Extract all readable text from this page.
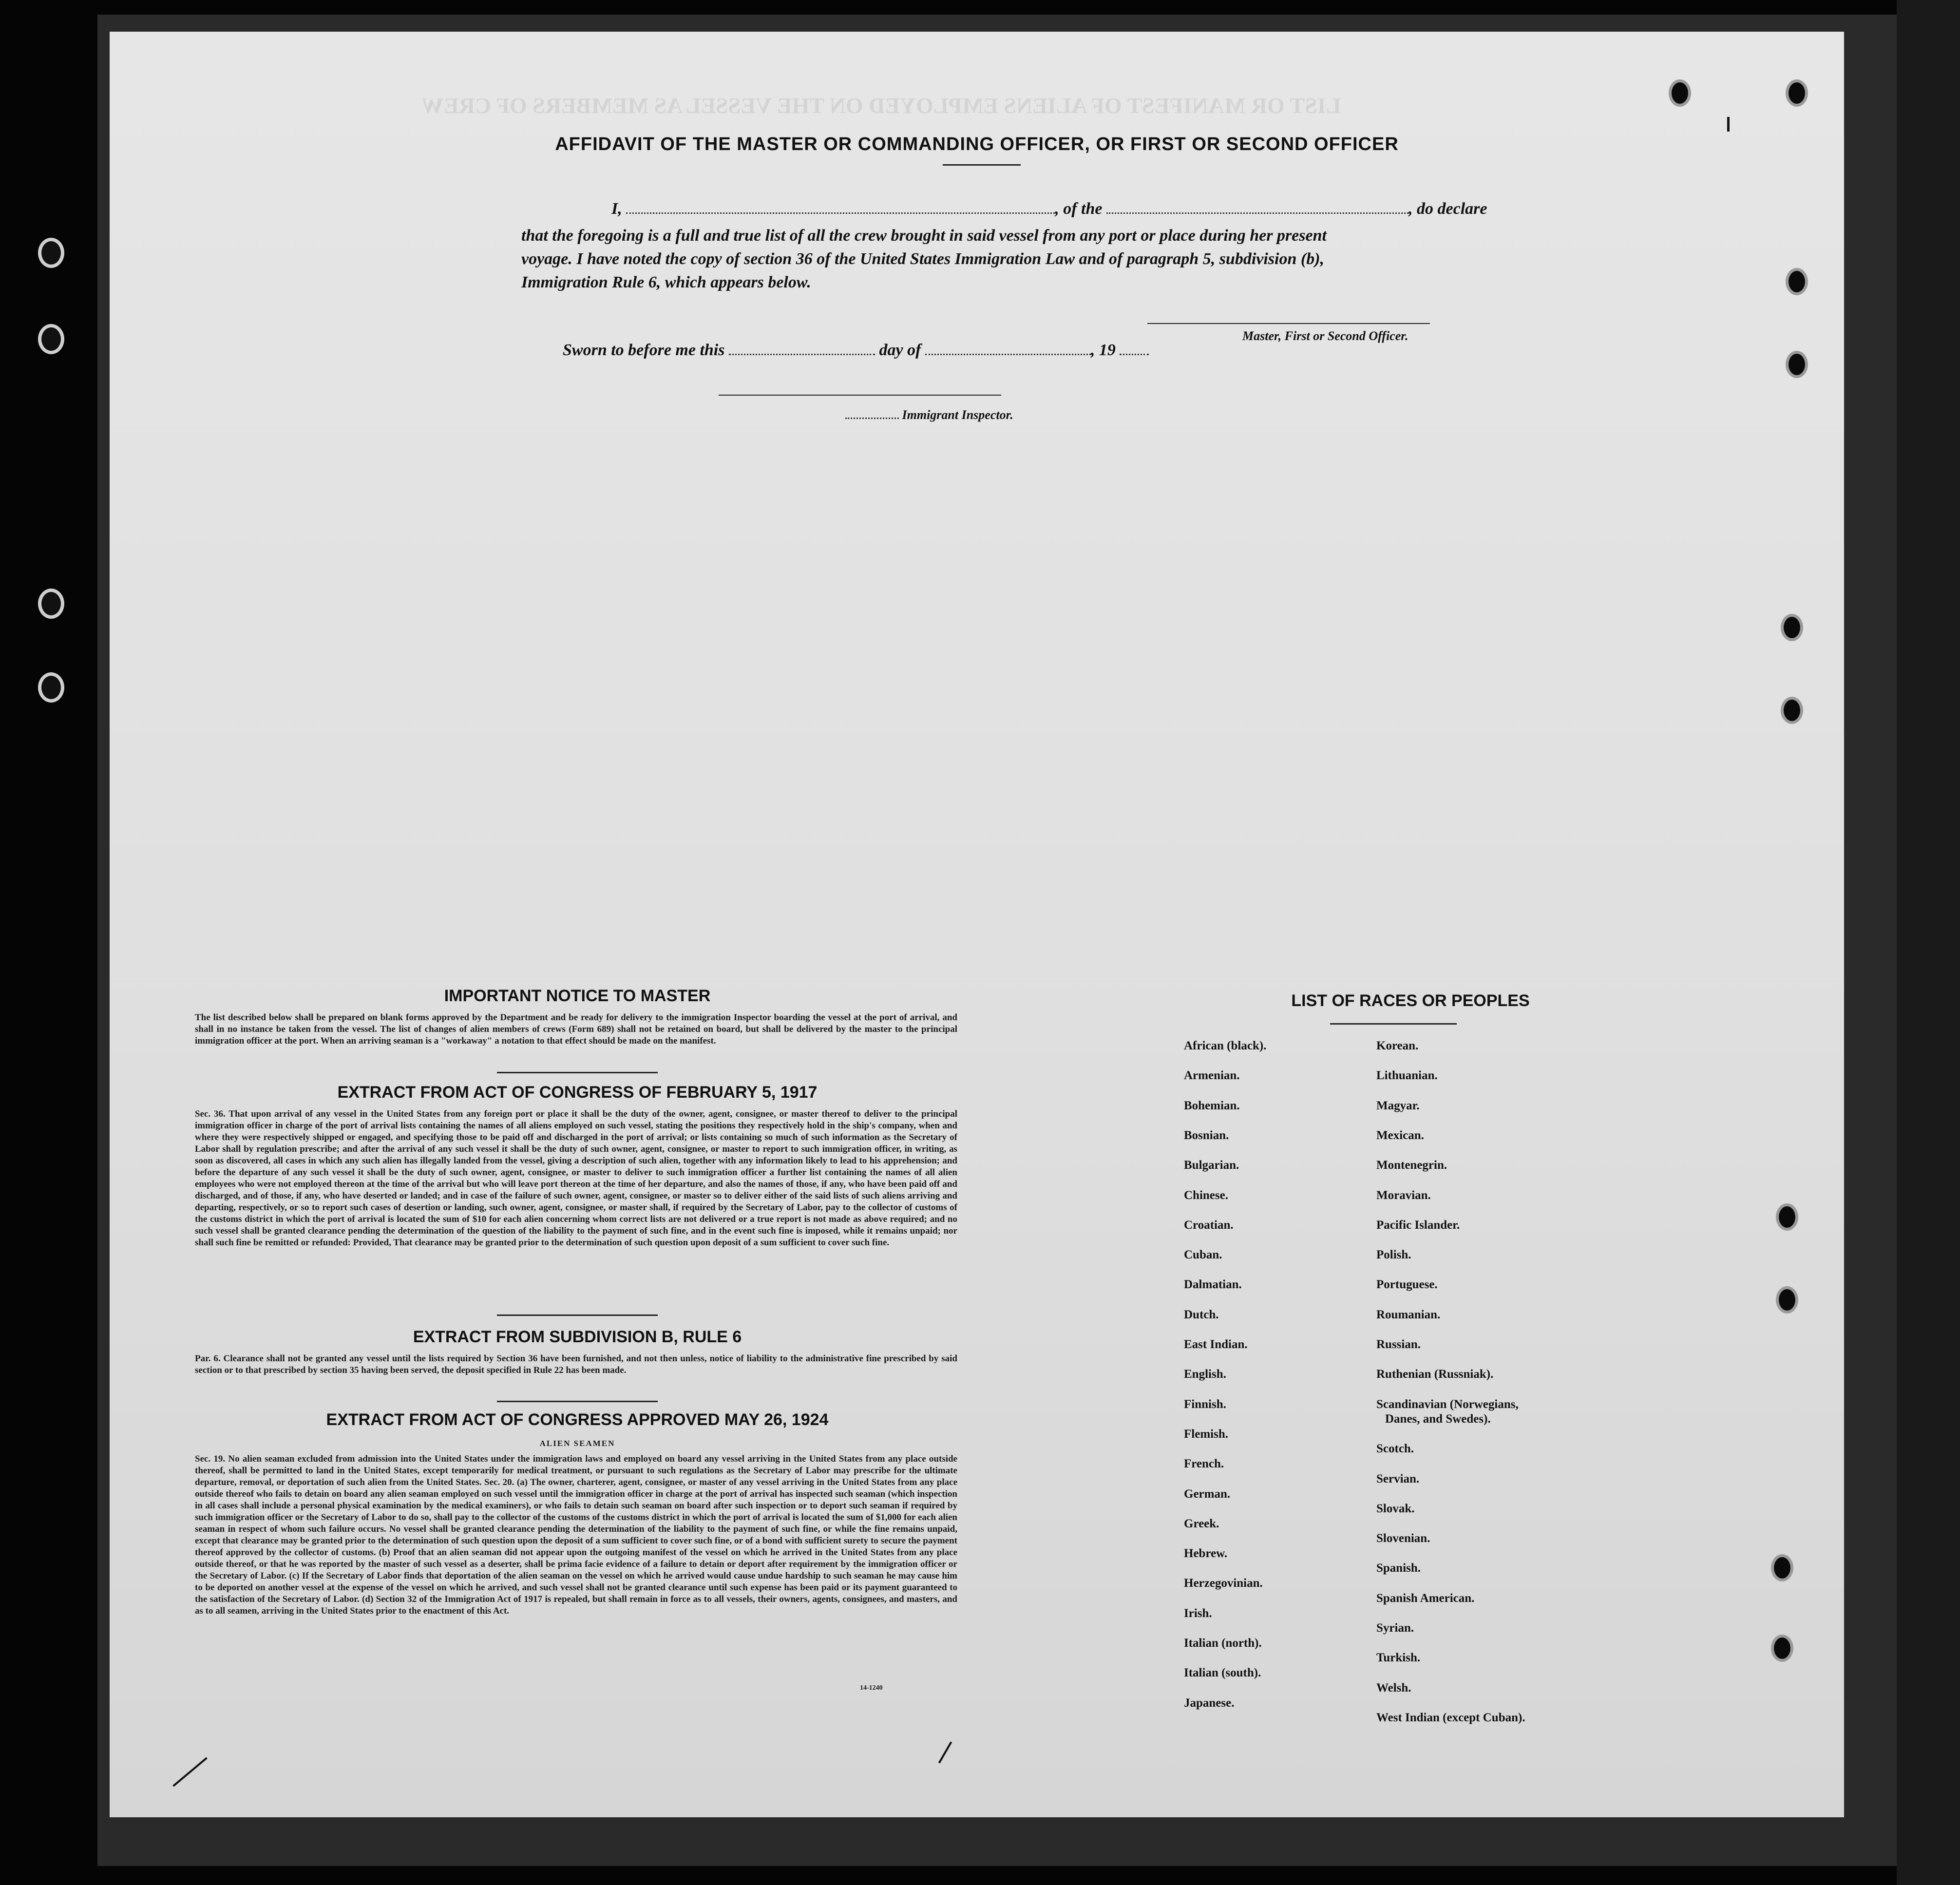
LIST OR MANIFEST OF ALIENS EMPLOYED ON THE VESSEL AS MEMBERS OF CREW
AFFIDAVIT OF THE MASTER OR COMMANDING OFFICER, OR FIRST OR SECOND OFFICER
I,	, of the	, do declare
that the foregoing is a full and true list of all the crew brought in said vessel from any port or place during her present
voyage. I have noted the copy of section 36 of the United States Immigration Law and of paragraph 5, subdivision (b),
Immigration Rule 6, which appears below.
Master, First or Second Officer.
Sworn to before me this	day of	, 19
Immigrant Inspector.
IMPORTANT NOTICE TO MASTER
The list described below shall be prepared on blank forms approved by the Department and be ready for delivery to the immigration Inspector boarding the vessel at the port of arrival, and shall in no instance be taken from the vessel. The list of changes of alien members of crews (Form 689) shall not be retained on board, but shall be delivered by the master to the principal immigration officer at the port. When an arriving seaman is a "workaway" a notation to that effect should be made on the manifest.
EXTRACT FROM ACT OF CONGRESS OF FEBRUARY 5, 1917
Sec. 36. That upon arrival of any vessel in the United States from any foreign port or place it shall be the duty of the owner, agent, consignee, or master thereof to deliver to the principal immigration officer in charge of the port of arrival lists containing the names of all aliens employed on such vessel, stating the positions they respectively hold in the ship's company, when and where they were respectively shipped or engaged, and specifying those to be paid off and discharged in the port of arrival; or lists containing so much of such information as the Secretary of Labor shall by regulation prescribe; and after the arrival of any such vessel it shall be the duty of such owner, agent, consignee, or master to report to such immigration officer, in writing, as soon as discovered, all cases in which any such alien has illegally landed from the vessel, giving a description of such alien, together with any information likely to lead to his apprehension; and before the departure of any such vessel it shall be the duty of such owner, agent, consignee, or master to deliver to such immigration officer a further list containing the names of all alien employees who were not employed thereon at the time of the arrival but who will leave port thereon at the time of her departure, and also the names of those, if any, who have been paid off and discharged, and of those, if any, who have deserted or landed; and in case of the failure of such owner, agent, consignee, or master so to deliver either of the said lists of such aliens arriving and departing, respectively, or so to report such cases of desertion or landing, such owner, agent, consignee, or master shall, if required by the Secretary of Labor, pay to the collector of customs of the customs district in which the port of arrival is located the sum of $10 for each alien concerning whom correct lists are not delivered or a true report is not made as above required; and no such vessel shall be granted clearance pending the determination of the question of the liability to the payment of such fine, and in the event such fine is imposed, while it remains unpaid; nor shall such fine be remitted or refunded: Provided, That clearance may be granted prior to the determination of such question upon deposit of a sum sufficient to cover such fine.
EXTRACT FROM SUBDIVISION B, RULE 6
Par. 6. Clearance shall not be granted any vessel until the lists required by Section 36 have been furnished, and not then unless, notice of liability to the administrative fine prescribed by said section or to that prescribed by section 35 having been served, the deposit specified in Rule 22 has been made.
EXTRACT FROM ACT OF CONGRESS APPROVED MAY 26, 1924
ALIEN SEAMEN
Sec. 19. No alien seaman excluded from admission into the United States under the immigration laws and employed on board any vessel arriving in the United States from any place outside thereof, shall be permitted to land in the United States, except temporarily for medical treatment, or pursuant to such regulations as the Secretary of Labor may prescribe for the ultimate departure, removal, or deportation of such alien from the United States. Sec. 20. (a) The owner, charterer, agent, consignee, or master of any vessel arriving in the United States from any place outside thereof who fails to detain on board any alien seaman employed on such vessel until the immigration officer in charge at the port of arrival has inspected such seaman (which inspection in all cases shall include a personal physical examination by the medical examiners), or who fails to detain such seaman on board after such inspection or to deport such seaman if required by such immigration officer or the Secretary of Labor to do so, shall pay to the collector of the customs of the customs district in which the port of arrival is located the sum of $1,000 for each alien seaman in respect of whom such failure occurs. No vessel shall be granted clearance pending the determination of the liability to the payment of such fine, or while the fine remains unpaid, except that clearance may be granted prior to the determination of such question upon the deposit of a sum sufficient to cover such fine, or of a bond with sufficient surety to secure the payment thereof approved by the collector of customs. (b) Proof that an alien seaman did not appear upon the outgoing manifest of the vessel on which he arrived in the United States from any place outside thereof, or that he was reported by the master of such vessel as a deserter, shall be prima facie evidence of a failure to detain or deport after requirement by the immigration officer or the Secretary of Labor. (c) If the Secretary of Labor finds that deportation of the alien seaman on the vessel on which he arrived would cause undue hardship to such seaman he may cause him to be deported on another vessel at the expense of the vessel on which he arrived, and such vessel shall not be granted clearance until such expense has been paid or its payment guaranteed to the satisfaction of the Secretary of Labor. (d) Section 32 of the Immigration Act of 1917 is repealed, but shall remain in force as to all vessels, their owners, agents, consignees, and masters, and as to all seamen, arriving in the United States prior to the enactment of this Act.
14-1240
LIST OF RACES OR PEOPLES
African (black).
Armenian.
Bohemian.
Bosnian.
Bulgarian.
Chinese.
Croatian.
Cuban.
Dalmatian.
Dutch.
East Indian.
English.
Finnish.
Flemish.
French.
German.
Greek.
Hebrew.
Herzegovinian.
Irish.
Italian (north).
Italian (south).
Japanese.
Korean.
Lithuanian.
Magyar.
Mexican.
Montenegrin.
Moravian.
Pacific Islander.
Polish.
Portuguese.
Roumanian.
Russian.
Ruthenian (Russniak).
Scandinavian (Norwegians,
Danes, and Swedes).
Scotch.
Servian.
Slovak.
Slovenian.
Spanish.
Spanish American.
Syrian.
Turkish.
Welsh.
West Indian (except Cuban).
